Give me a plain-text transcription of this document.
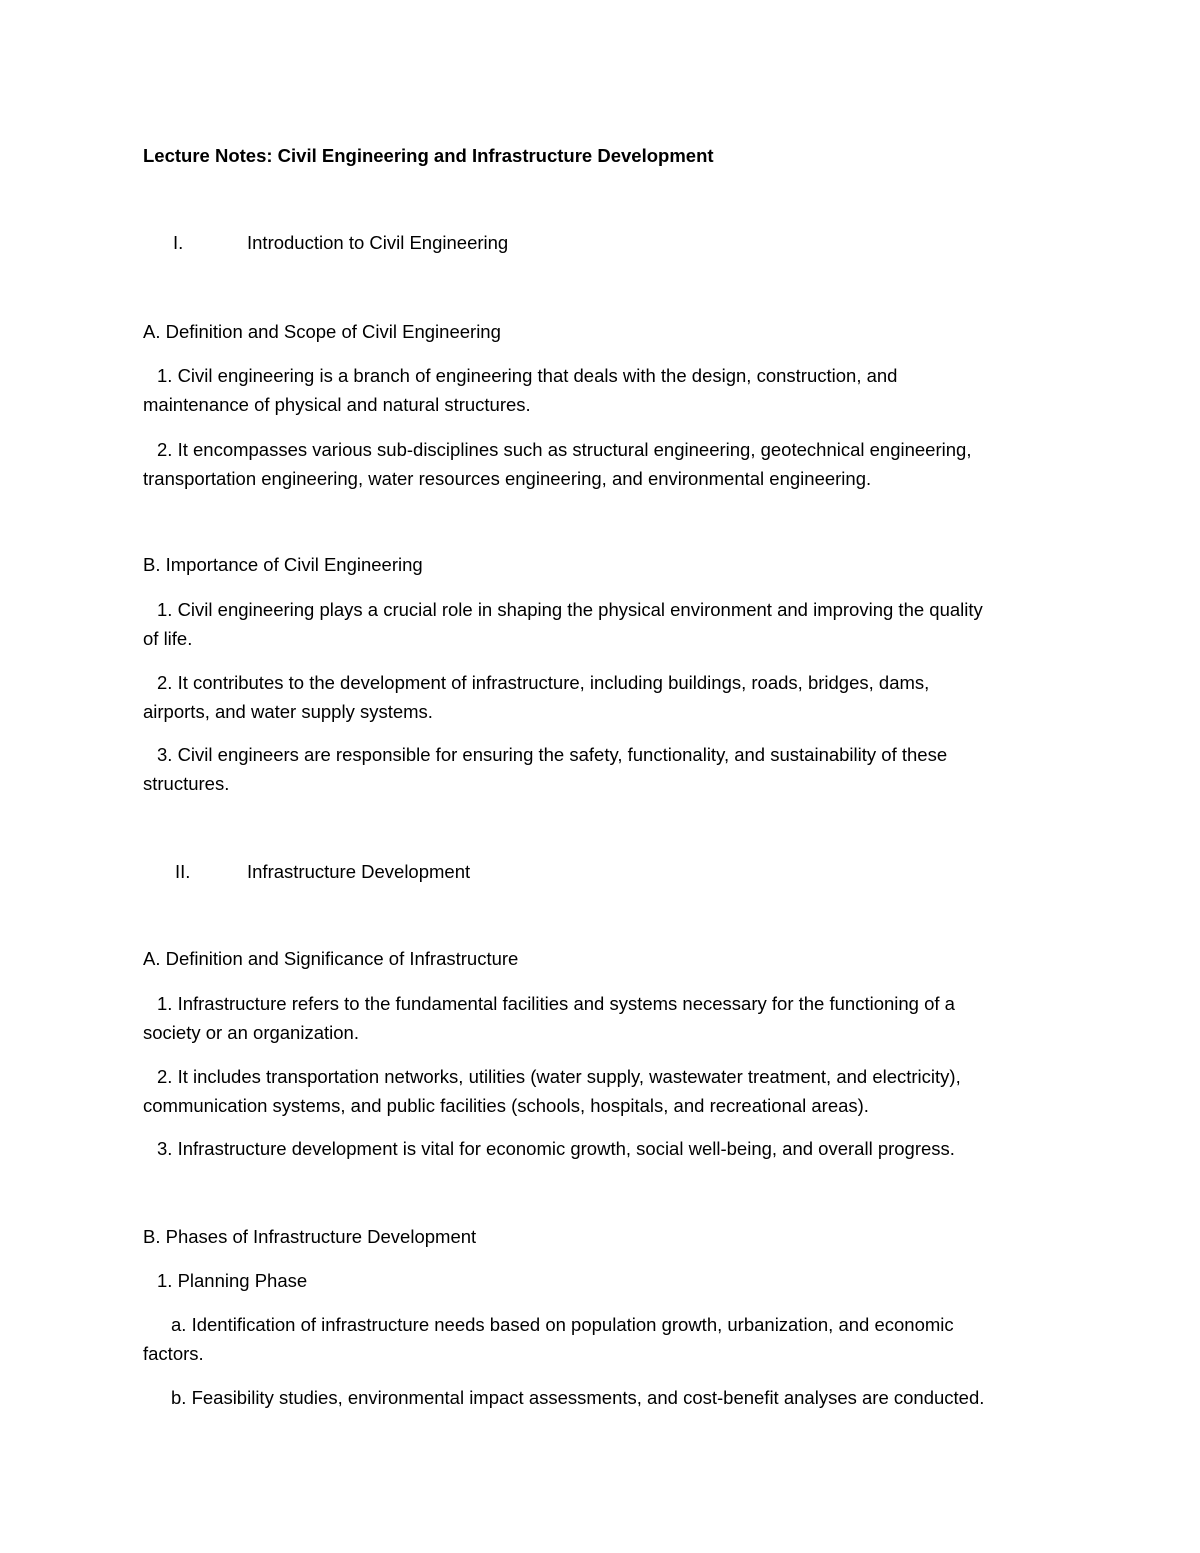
Lecture Notes: Civil Engineering and Infrastructure Development
I.	Introduction to Civil Engineering
A. Definition and Scope of Civil Engineering
1. Civil engineering is a branch of engineering that deals with the design, construction, and
maintenance of physical and natural structures.
2. It encompasses various sub-disciplines such as structural engineering, geotechnical engineering,
transportation engineering, water resources engineering, and environmental engineering.
B. Importance of Civil Engineering
1. Civil engineering plays a crucial role in shaping the physical environment and improving the quality
of life.
2. It contributes to the development of infrastructure, including buildings, roads, bridges, dams,
airports, and water supply systems.
3. Civil engineers are responsible for ensuring the safety, functionality, and sustainability of these
structures.
II.	Infrastructure Development
A. Definition and Significance of Infrastructure
1. Infrastructure refers to the fundamental facilities and systems necessary for the functioning of a
society or an organization.
2. It includes transportation networks, utilities (water supply, wastewater treatment, and electricity),
communication systems, and public facilities (schools, hospitals, and recreational areas).
3. Infrastructure development is vital for economic growth, social well-being, and overall progress.
B. Phases of Infrastructure Development
1. Planning Phase
a. Identification of infrastructure needs based on population growth, urbanization, and economic
factors.
b. Feasibility studies, environmental impact assessments, and cost-benefit analyses are conducted.
